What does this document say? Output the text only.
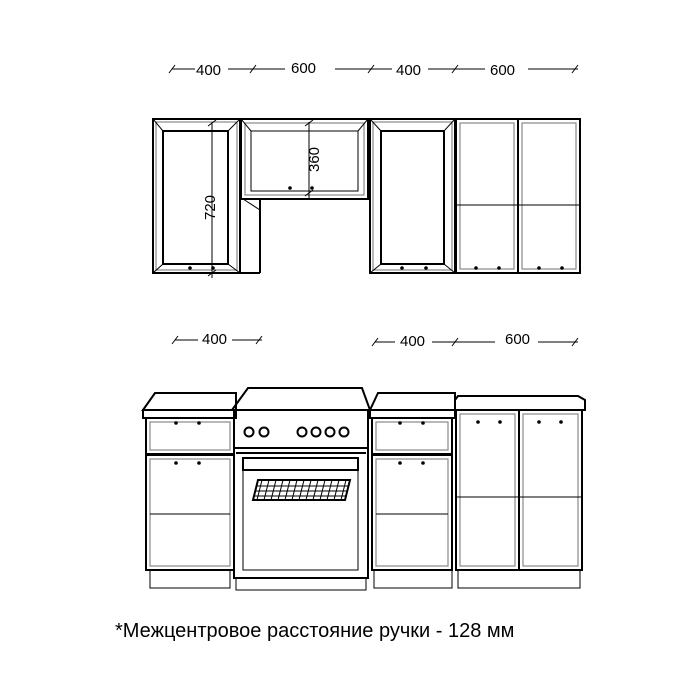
400	600	400	600
720
360
400	400	600
*Межцентровое расстояние ручки - 128 мм
